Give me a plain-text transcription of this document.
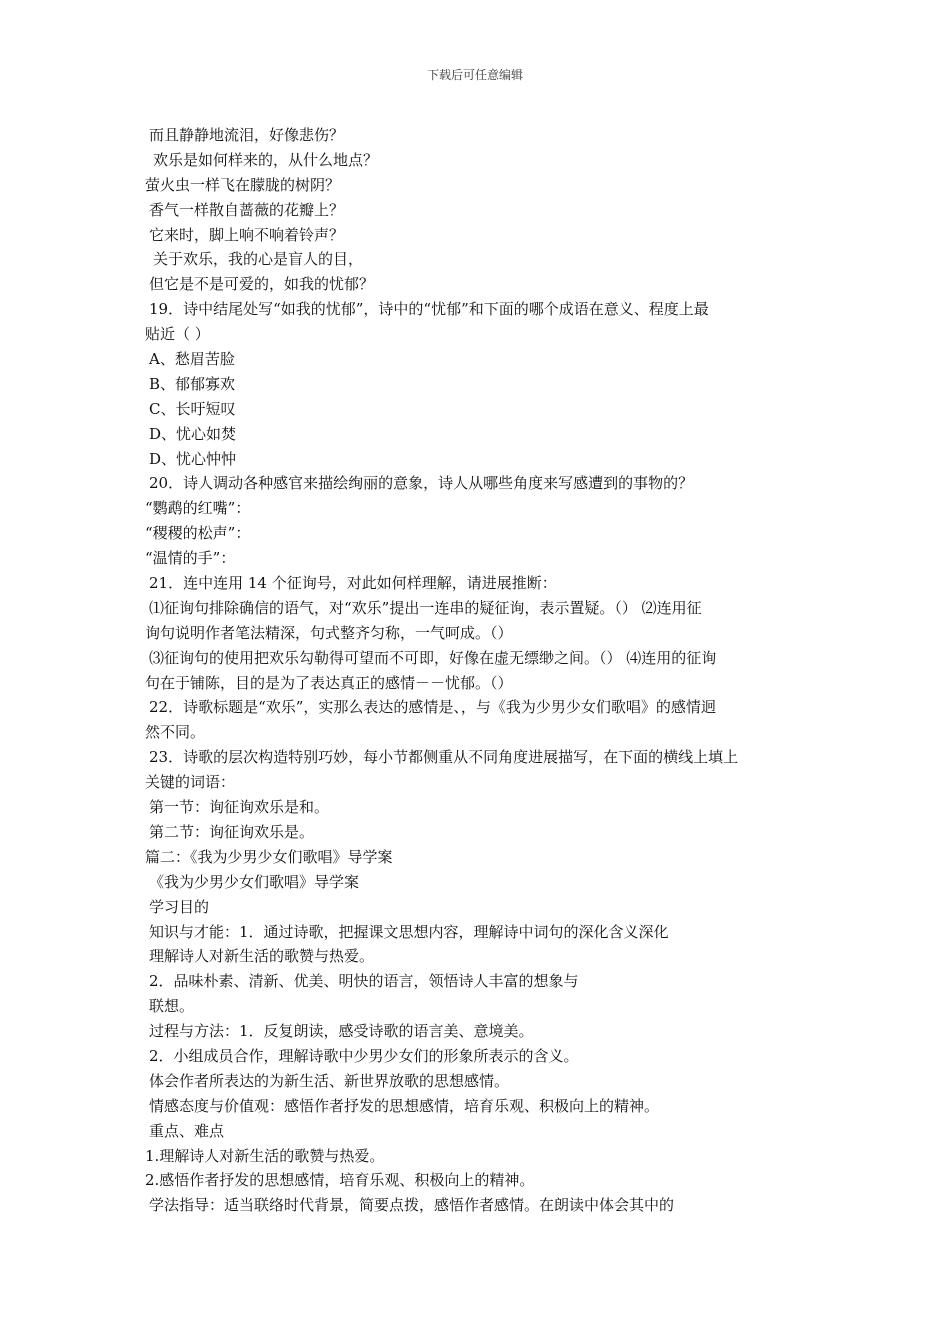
下载后可任意编辑
而且静静地流泪，好像悲伤？
欢乐是如何样来的，从什么地点？
萤火虫一样飞在朦胧的树阴？
香气一样散自蔷薇的花瓣上？
它来时，脚上响不响着铃声？
关于欢乐，我的心是盲人的目，
但它是不是可爱的，如我的忧郁？
19．诗中结尾处写“如我的忧郁”，诗中的“忧郁”和下面的哪个成语在意义、程度上最
贴近（ ）
A、愁眉苦脸
B、郁郁寡欢
C、长吁短叹
D、忧心如焚
D、忧心忡忡
20．诗人调动各种感官来描绘绚丽的意象，诗人从哪些角度来写感遭到的事物的？
“鹦鹉的红嘴”：
“稷稷的松声”：
“温情的手”：
21．连中连用 14 个征询号，对此如何样理解，请进展推断：
⑴征询句排除确信的语气，对“欢乐”提出一连串的疑征询，表示置疑。（） ⑵连用征
询句说明作者笔法精深，句式整齐匀称，一气呵成。（）
⑶征询句的使用把欢乐勾勒得可望而不可即，好像在虚无缥缈之间。（） ⑷连用的征询
句在于铺陈，目的是为了表达真正的感情－－忧郁。（）
22．诗歌标题是“欢乐”，实那么表达的感情是、，与《我为少男少女们歌唱》的感情迥
然不同。
23．诗歌的层次构造特别巧妙，每小节都侧重从不同角度进展描写，在下面的横线上填上
关键的词语：
第一节：询征询欢乐是和。
第二节：询征询欢乐是。
篇二：《我为少男少女们歌唱》导学案
《我为少男少女们歌唱》导学案
学习目的
知识与才能：1．通过诗歌，把握课文思想内容，理解诗中词句的深化含义深化
理解诗人对新生活的歌赞与热爱。
2．品味朴素、清新、优美、明快的语言，领悟诗人丰富的想象与
联想。
过程与方法：1．反复朗读，感受诗歌的语言美、意境美。
2．小组成员合作，理解诗歌中少男少女们的形象所表示的含义。
体会作者所表达的为新生活、新世界放歌的思想感情。
情感态度与价值观：感悟作者抒发的思想感情，培育乐观、积极向上的精神。
重点、难点
1.理解诗人对新生活的歌赞与热爱。
2.感悟作者抒发的思想感情，培育乐观、积极向上的精神。
学法指导：适当联络时代背景，简要点拨，感悟作者感情。在朗读中体会其中的
